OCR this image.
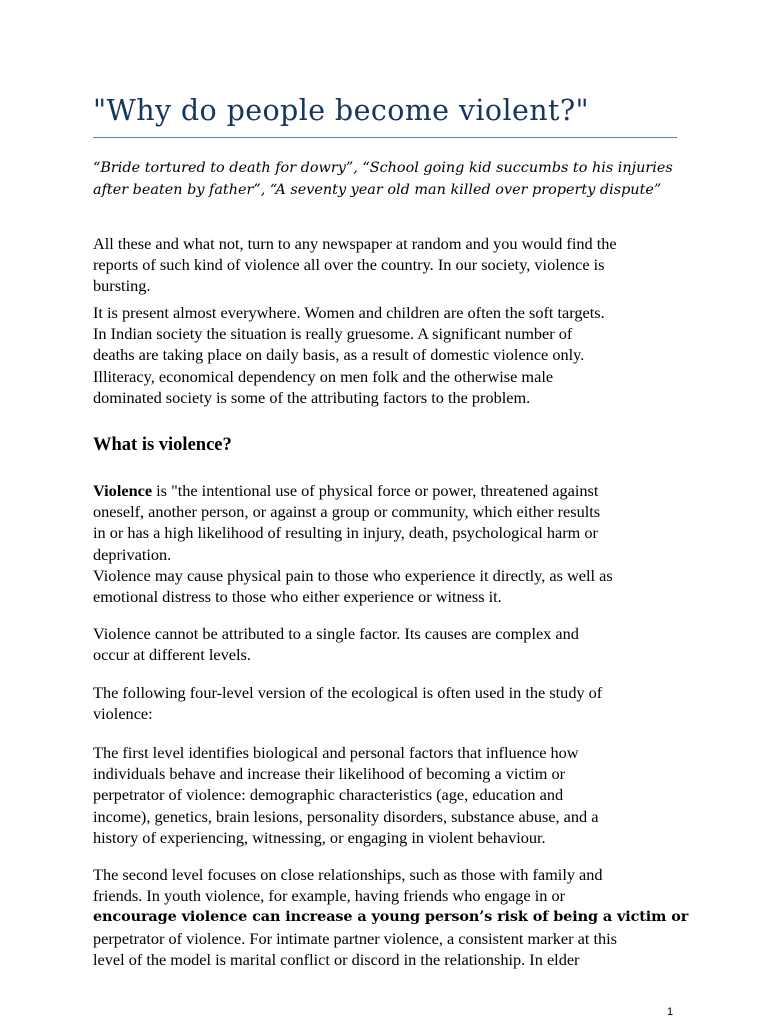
"Why do people become violent?"
“Bride tortured to death for dowry”, “School going kid succumbs to his injuries
after beaten by father”, “A seventy year old man killed over property dispute”
All these and what not, turn to any newspaper at random and you would find the
reports of such kind of violence all over the country. In our society, violence is
bursting.
It is present almost everywhere. Women and children are often the soft targets.
In Indian society the situation is really gruesome. A significant number of
deaths are taking place on daily basis, as a result of domestic violence only.
Illiteracy, economical dependency on men folk and the otherwise male
dominated society is some of the attributing factors to the problem.
What is violence?
Violence is "the intentional use of physical force or power, threatened against
oneself, another person, or against a group or community, which either results
in or has a high likelihood of resulting in injury, death, psychological harm or
deprivation.
Violence may cause physical pain to those who experience it directly, as well as
emotional distress to those who either experience or witness it.
Violence cannot be attributed to a single factor. Its causes are complex and
occur at different levels.
The following four-level version of the ecological is often used in the study of
violence:
The first level identifies biological and personal factors that influence how
individuals behave and increase their likelihood of becoming a victim or
perpetrator of violence: demographic characteristics (age, education and
income), genetics, brain lesions, personality disorders, substance abuse, and a
history of experiencing, witnessing, or engaging in violent behaviour.
The second level focuses on close relationships, such as those with family and
friends. In youth violence, for example, having friends who engage in or
encourage violence can increase a young person’s risk of being a victim or
perpetrator of violence. For intimate partner violence, a consistent marker at this
level of the model is marital conflict or discord in the relationship. In elder
1
